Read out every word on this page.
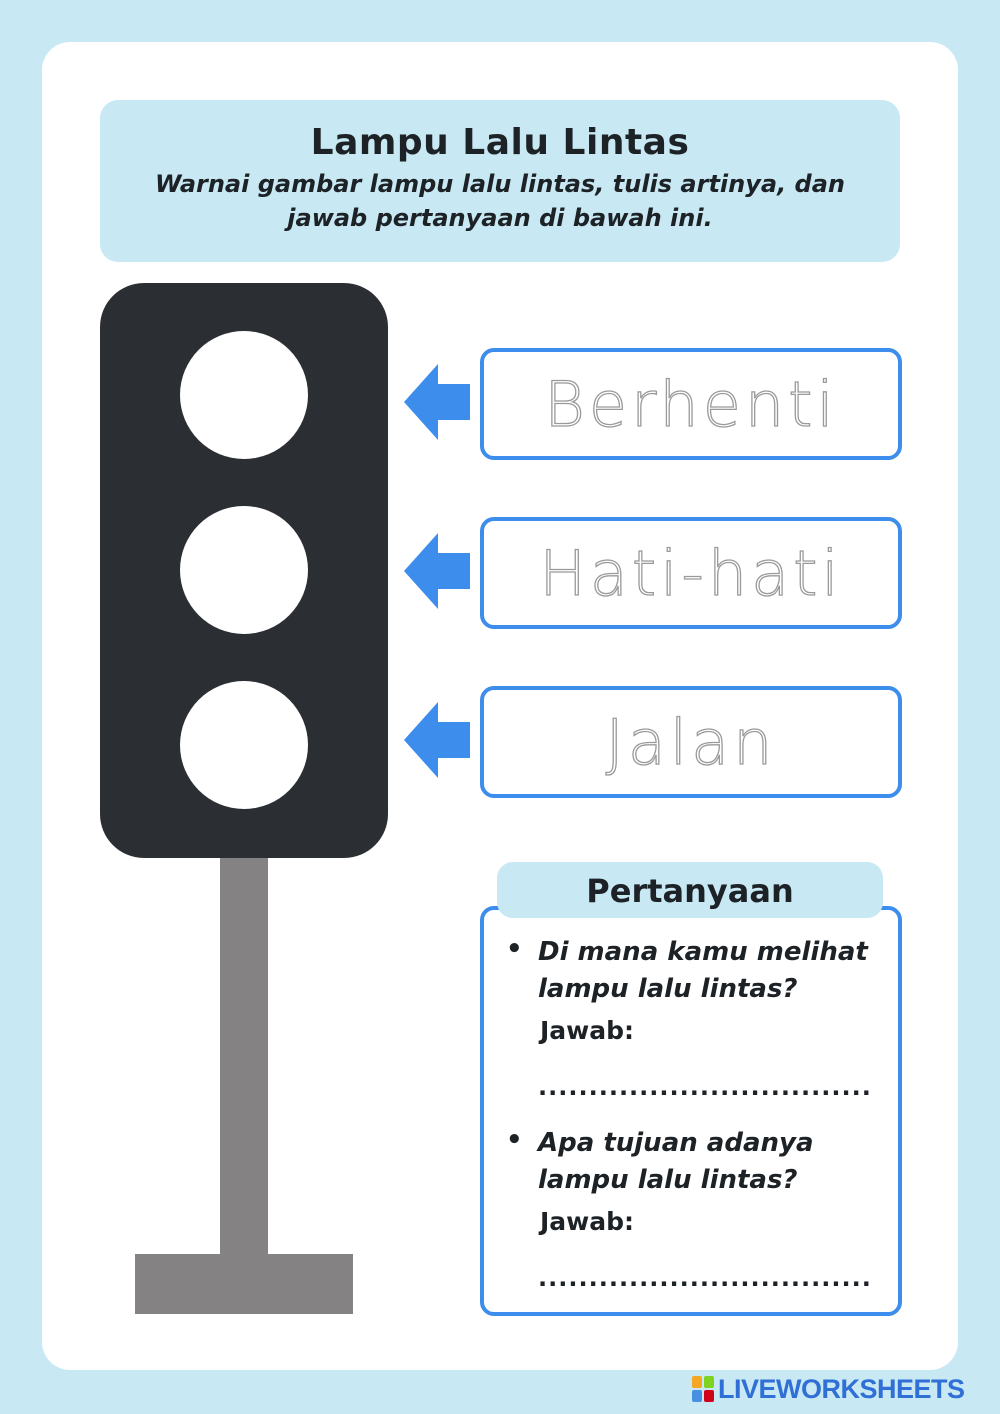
Lampu Lalu Lintas
Warnai gambar lampu lalu lintas, tulis artinya, dan jawab pertanyaan di bawah ini.
Berhenti
Hati-hati
Jalan
Pertanyaan
• Di mana kamu melihat lampu lalu lintas?
Jawab:
.................................
• Apa tujuan adanya lampu lalu lintas?
Jawab:
.................................
LIVEWORKSHEETS
